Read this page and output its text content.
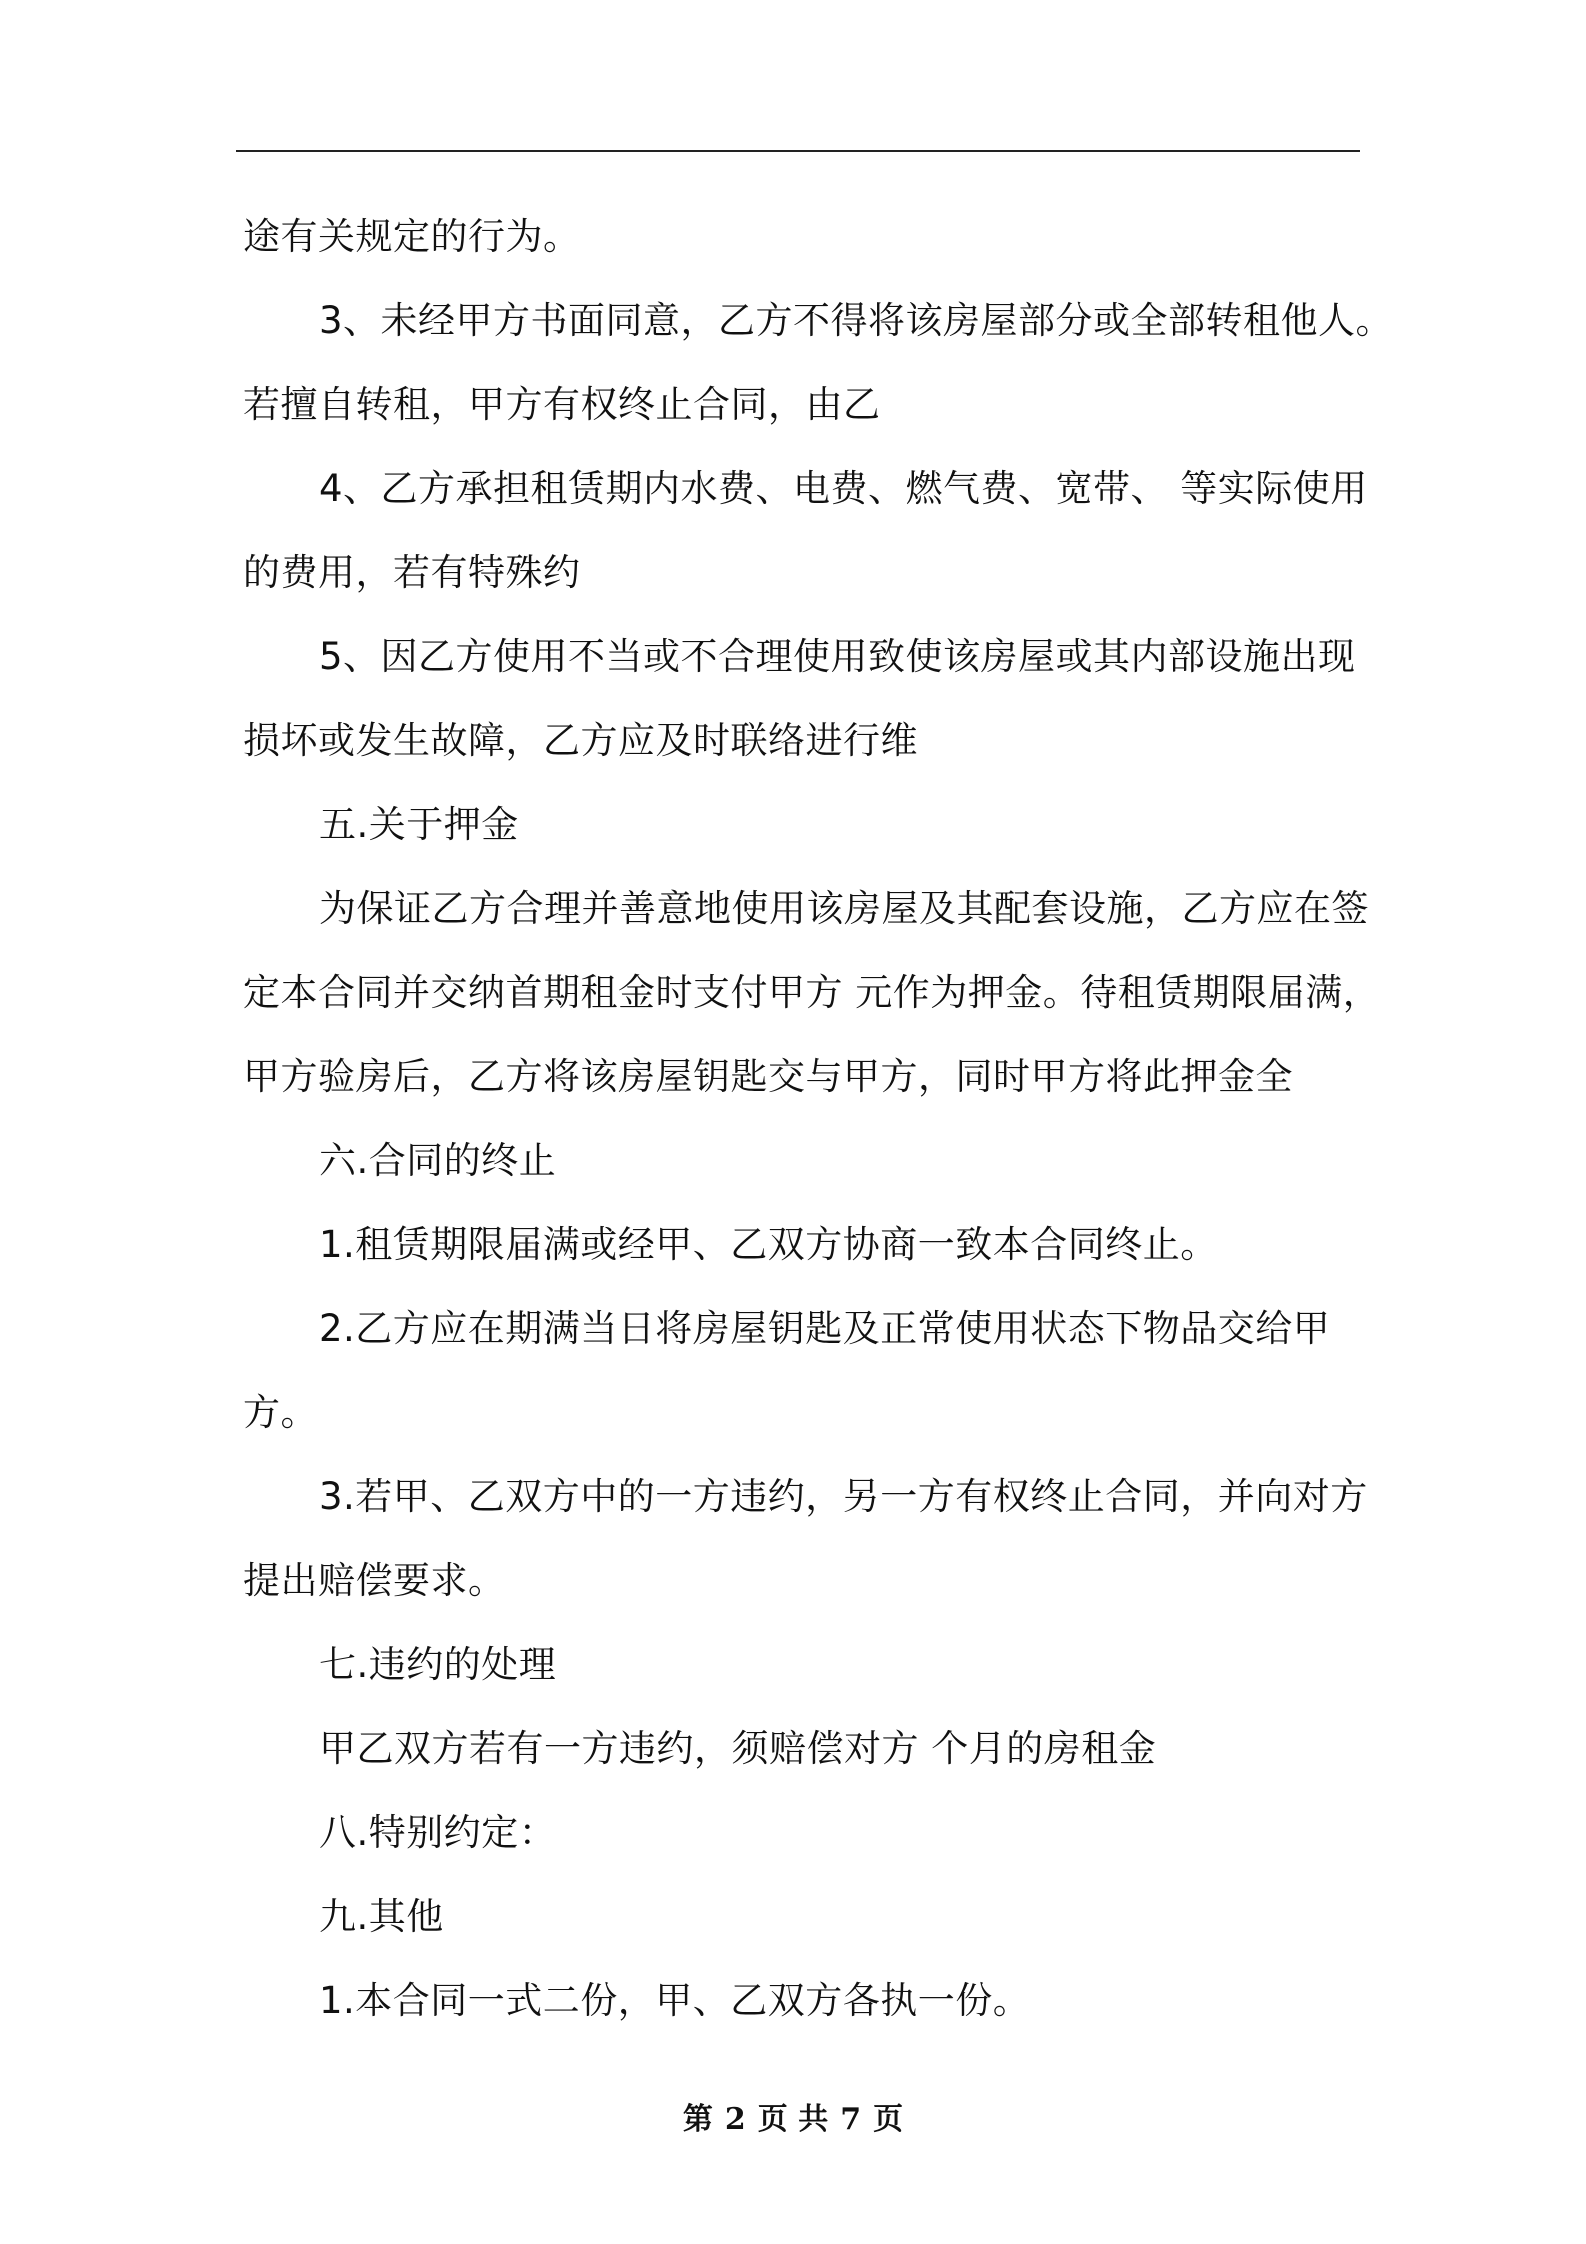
途有关规定的行为。
3、未经甲方书面同意，乙方不得将该房屋部分或全部转租他人。
若擅自转租，甲方有权终止合同，由乙
4、乙方承担租赁期内水费、电费、燃气费、宽带、 等实际使用
的费用，若有特殊约
5、因乙方使用不当或不合理使用致使该房屋或其内部设施出现
损坏或发生故障，乙方应及时联络进行维
五.关于押金
为保证乙方合理并善意地使用该房屋及其配套设施，乙方应在签
定本合同并交纳首期租金时支付甲方 元作为押金。待租赁期限届满，
甲方验房后，乙方将该房屋钥匙交与甲方，同时甲方将此押金全
六.合同的终止
1.租赁期限届满或经甲、乙双方协商一致本合同终止。
2.乙方应在期满当日将房屋钥匙及正常使用状态下物品交给甲
方。
3.若甲、乙双方中的一方违约，另一方有权终止合同，并向对方
提出赔偿要求。
七.违约的处理
甲乙双方若有一方违约，须赔偿对方 个月的房租金
八.特别约定：
九.其他
1.本合同一式二份，甲、乙双方各执一份。
第 2 页 共 7 页
